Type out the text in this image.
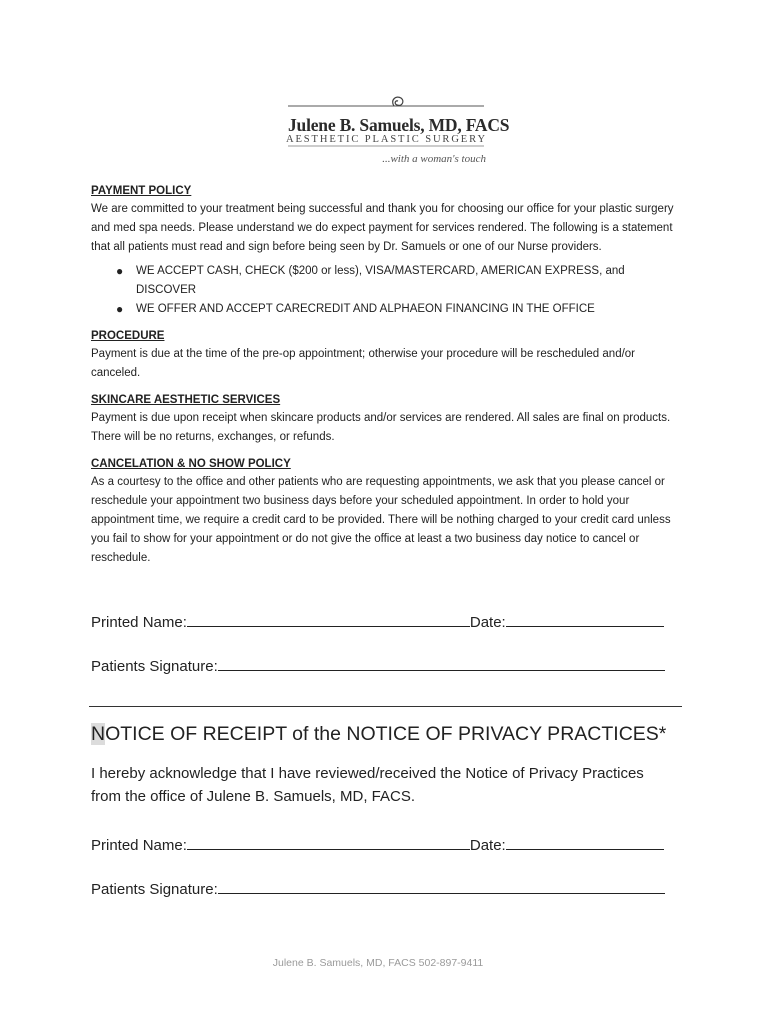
Julene B. Samuels, MD, FACS
AESTHETIC PLASTIC SURGERY
...with a woman's touch

PAYMENT POLICY

We are committed to your treatment being successful and thank you for choosing our office for your plastic surgery and med spa needs. Please understand we do expect payment for services rendered. The following is a statement that all patients must read and sign before being seen by Dr. Samuels or one of our Nurse providers.

● WE ACCEPT CASH, CHECK ($200 or less), VISA/MASTERCARD, AMERICAN EXPRESS, and DISCOVER
● WE OFFER AND ACCEPT CARECREDIT AND ALPHAEON FINANCING IN THE OFFICE

PROCEDURE

Payment is due at the time of the pre-op appointment; otherwise your procedure will be rescheduled and/or canceled.

SKINCARE AESTHETIC SERVICES

Payment is due upon receipt when skincare products and/or services are rendered. All sales are final on products. There will be no returns, exchanges, or refunds.

CANCELATION & NO SHOW POLICY

As a courtesy to the office and other patients who are requesting appointments, we ask that you please cancel or reschedule your appointment two business days before your scheduled appointment. In order to hold your appointment time, we require a credit card to be provided. There will be nothing charged to your credit card unless you fail to show for your appointment or do not give the office at least a two business day notice to cancel or reschedule.

Printed Name:	Date:
Patients Signature:
NOTICE OF RECEIPT of the NOTICE OF PRIVACY PRACTICES*
I hereby acknowledge that I have reviewed/received the Notice of Privacy Practices from the office of Julene B. Samuels, MD, FACS.
Printed Name:	Date:
Patients Signature:
Julene B. Samuels, MD, FACS 502-897-9411
